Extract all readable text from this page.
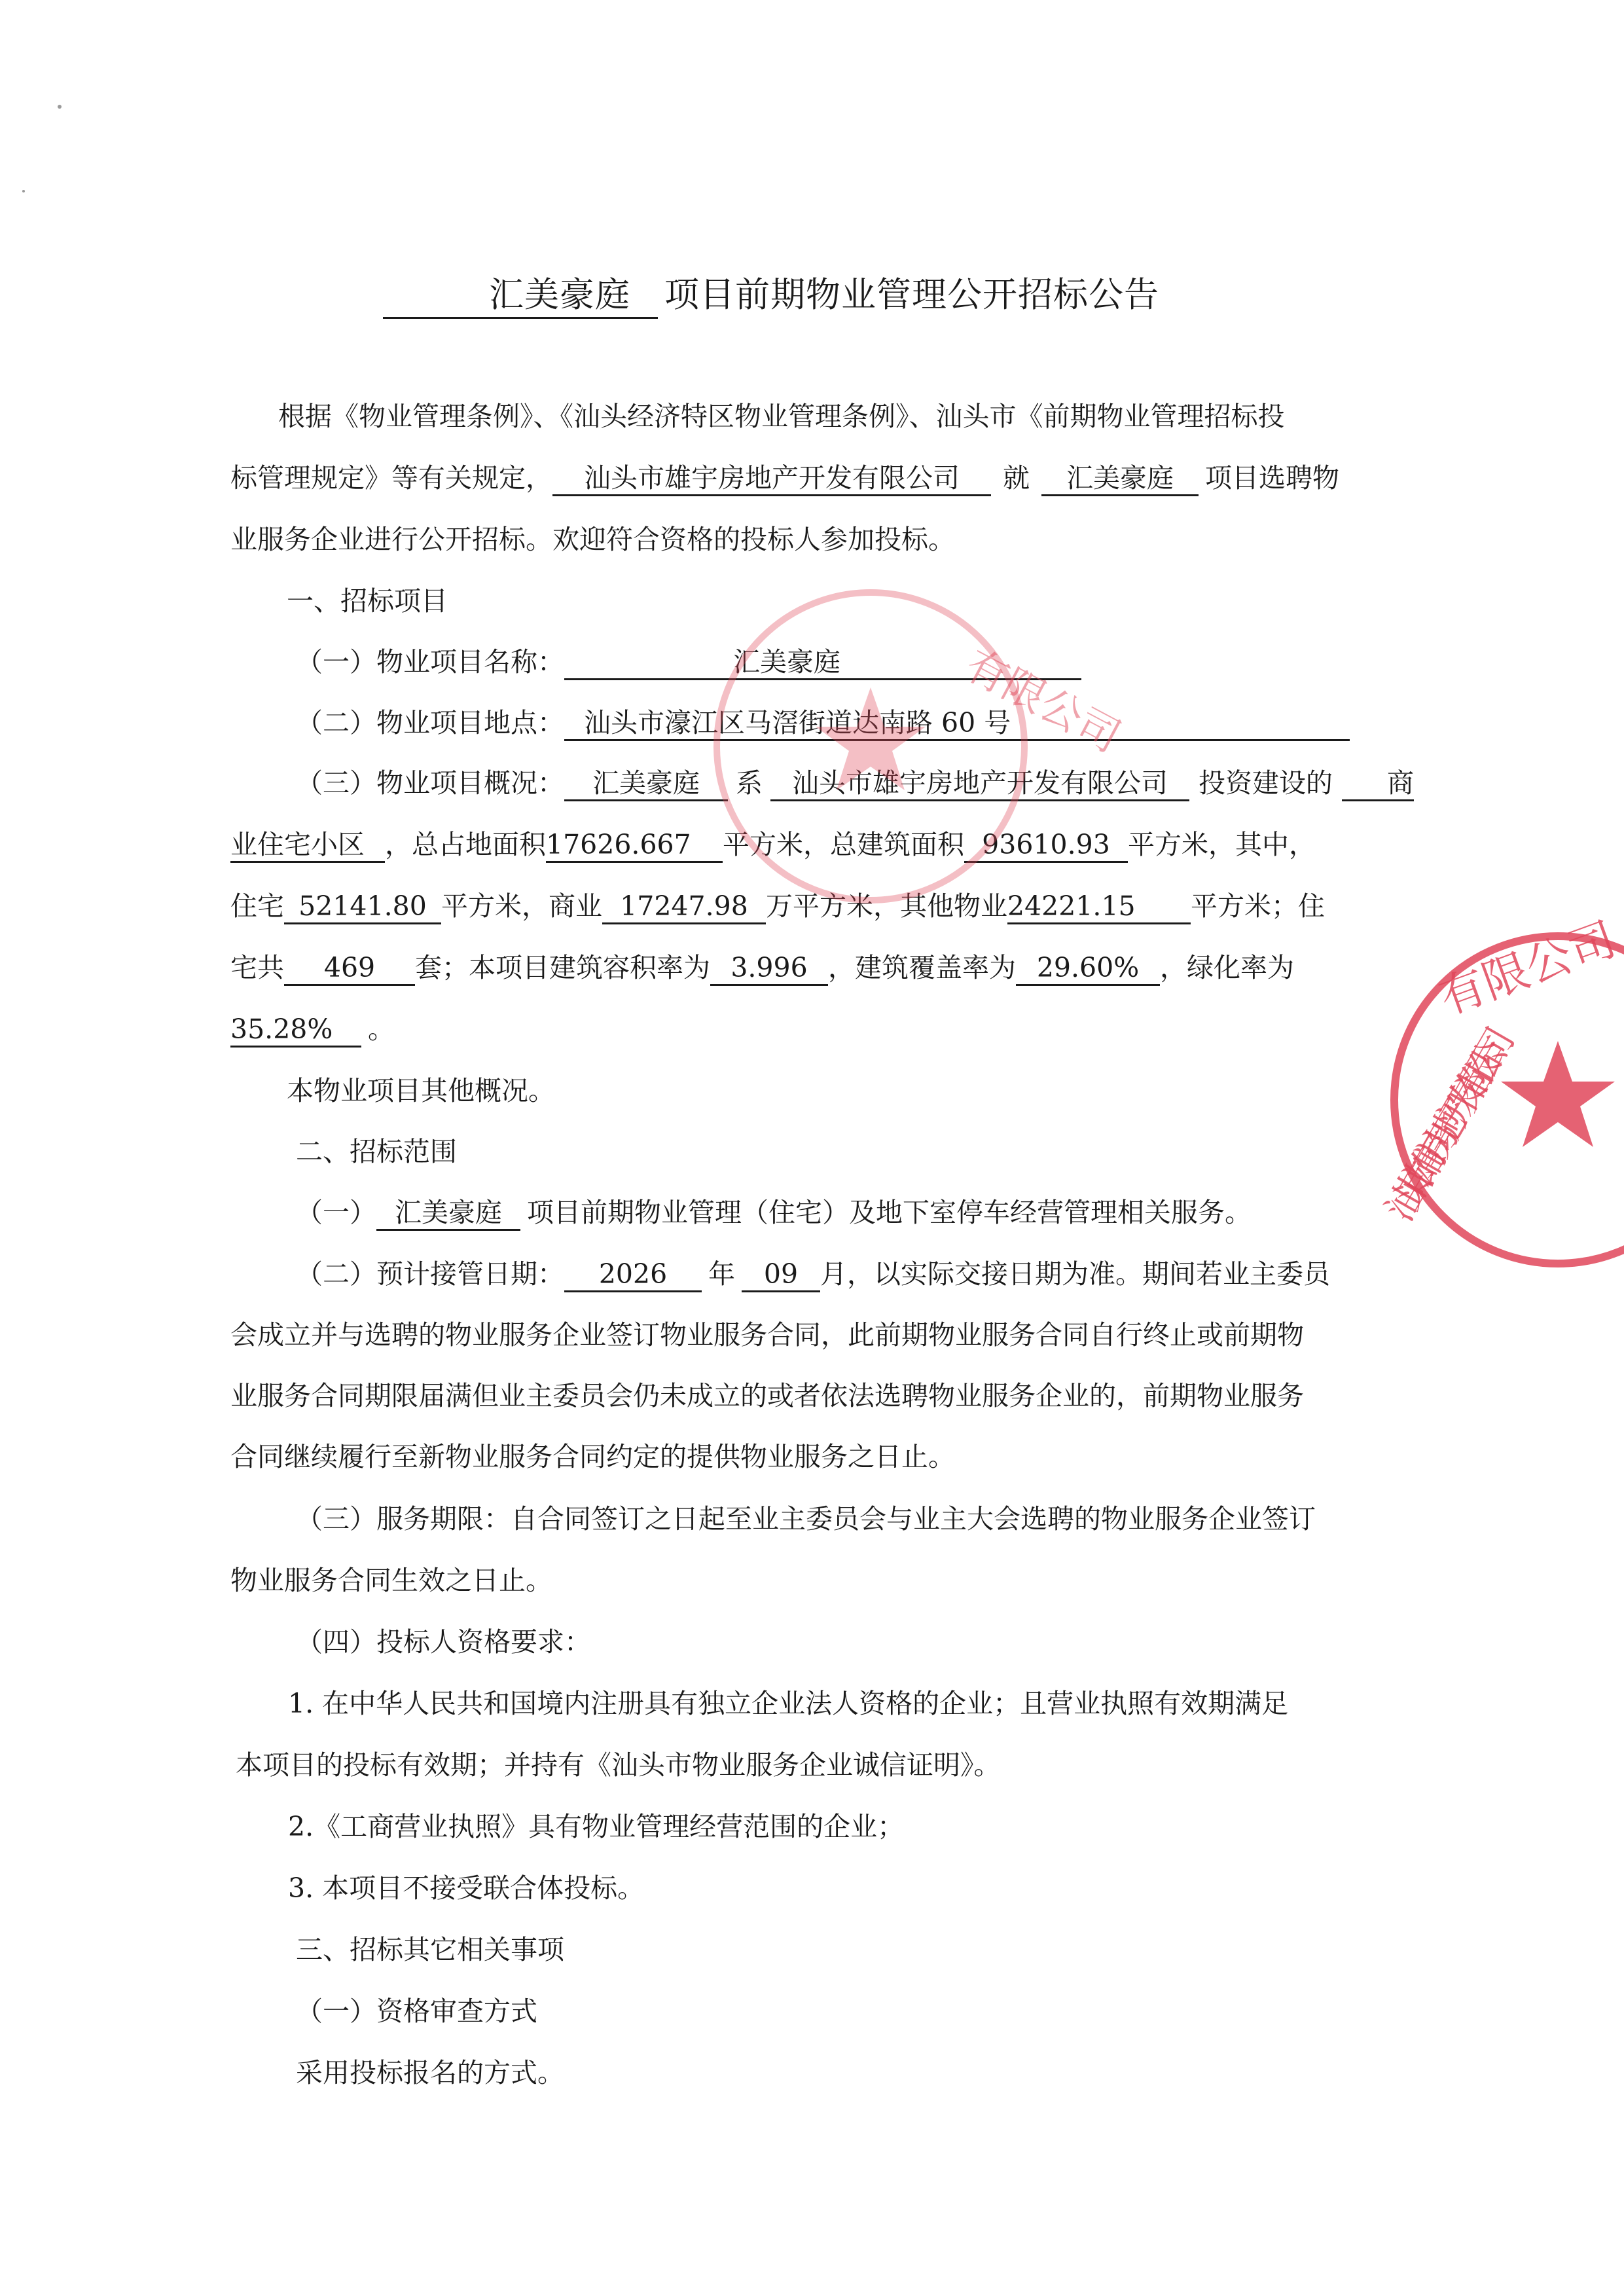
汇美豪庭 项目前期物业管理公开招标公告
根据《物业管理条例》、《汕头经济特区物业管理条例》、汕头市《前期物业管理招标投
标管理规定》等有关规定， 汕头市雄宇房地产开发有限公司 就 汇美豪庭 项目选聘物
业服务企业进行公开招标。欢迎符合资格的投标人参加投标。
一、招标项目
（一）物业项目名称：	汇美豪庭
（二）物业项目地点： 汕头市濠江区马滘街道达南路 60 号
（三）物业项目概况： 汇美豪庭 系 汕头市雄宇房地产开发有限公司 投资建设的 商
业住宅小区 ，总占地面积17626.667 平方米，总建筑面积 93610.93 平方米，其中，
住宅 52141.80 平方米，商业 17247.98 万平方米，其他物业24221.15 平方米；住
宅共 469 套；本项目建筑容积率为 3.996 ，建筑覆盖率为 29.60% ，绿化率为
35.28% 。
本物业项目其他概况。
二、招标范围
（一） 汇美豪庭 项目前期物业管理（住宅）及地下室停车经营管理相关服务。
（二）预计接管日期： 2026 年 09 月，以实际交接日期为准。期间若业主委员
会成立并与选聘的物业服务企业签订物业服务合同，此前期物业服务合同自行终止或前期物
业服务合同期限届满但业主委员会仍未成立的或者依法选聘物业服务企业的，前期物业服务
合同继续履行至新物业服务合同约定的提供物业服务之日止。
（三）服务期限：自合同签订之日起至业主委员会与业主大会选聘的物业服务企业签订
物业服务合同生效之日止。
（四）投标人资格要求：
1. 在中华人民共和国境内注册具有独立企业法人资格的企业；且营业执照有效期满足
本项目的投标有效期；并持有《汕头市物业服务企业诚信证明》。
2.《工商营业执照》具有物业管理经营范围的企业；
3. 本项目不接受联合体投标。
三、招标其它相关事项
（一）资格审查方式
采用投标报名的方式。
有限公司
有限公司
汕头市雄宇房地产开发有限公司
